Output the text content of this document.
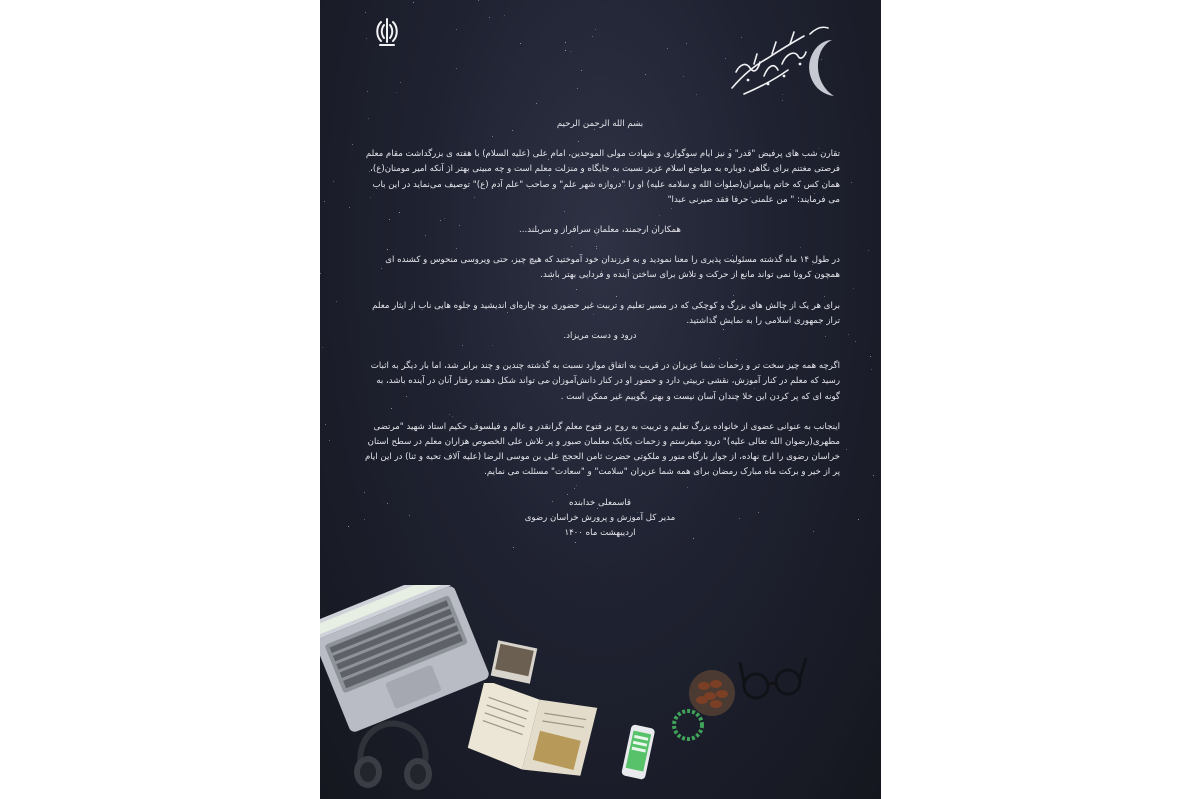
بسم الله الرحمن الرحیم

تقارن شب های پرفیض "قدر" و نیز ایام سوگواری و شهادت مولی الموحدین، امام علی (علیه السلام) با هفته ی بزرگداشت مقام معلم فرصتی مغتنم برای نگاهی دوباره به مواضع اسلام عزیز نسبت به جایگاه و منزلت معلم است و چه مبینی بهتر از آنکه امیر مومنان(ع)، همان کس که خاتم پیامبران(صلوات الله و سلامه علیه) او را "دروازه شهر علم" و صاحب "علم آدم (ع)" توصیف می‌نماید در این باب می فرمایند: " من علمنی حرفا فقد صیرنی عبدا"

همکاران ارجمند، معلمان سرافراز و سربلند...

در طول ۱۴ ماه گذشته مسئولیت پذیری را معنا نمودید و به فرزندان خود آموختید که هیچ چیز، حتی ویروسی منحوس و کشنده ای همچون کرونا نمی تواند مانع از حرکت و تلاش برای ساختن آینده و فردایی بهتر باشد.

برای هر یک از چالش های بزرگ و کوچکی که در مسیر تعلیم و تربیت غیر حضوری بود چاره‌ای اندیشید و جلوه هایی ناب از ایثار معلم تراز جمهوری اسلامی را به نمایش گذاشتید.

درود و دست مریزاد.

اگرچه همه چیز سخت تر و زحمات شما عزیزان در قریب به اتفاق موارد نسبت به گذشته چندین و چند برابر شد، اما بار دیگر به اثبات رسید که معلم در کنار آموزش، نقشی تربیتی دارد و حضور او در کنار دانش‌آموزان می تواند شکل دهنده رفتار آنان در آینده باشد، به گونه ای که پر کردن این خلا چندان آسان نیست و بهتر بگوییم غیر ممکن است .

اینجانب به عنوانی عضوی از خانواده بزرگ تعلیم و تربیت به روح پر فتوح معلم گرانقدر و عالم و فیلسوف حکیم استاد شهید "مرتضی مطهری(رضوان الله تعالی علیه)" درود میفرستم و زحمات یکایک معلمان صبور و پر تلاش علی الخصوص هزاران معلم در سطح استان خراسان رضوی را ارج نهاده، از جوار بارگاه منور و ملکوتی حضرت ثامن الحجج علی بن موسی الرضا (علیه آلاف تحیه و ثنا) در این ایام پر از خیر و برکت ماه مبارک رمضان برای همه شما عزیزان "سلامت" و "سعادت" مسئلت می نمایم.

قاسمعلی خدابنده

مدیر کل آموزش و پرورش خراسان رضوی

اردیبهشت ماه ۱۴۰۰
